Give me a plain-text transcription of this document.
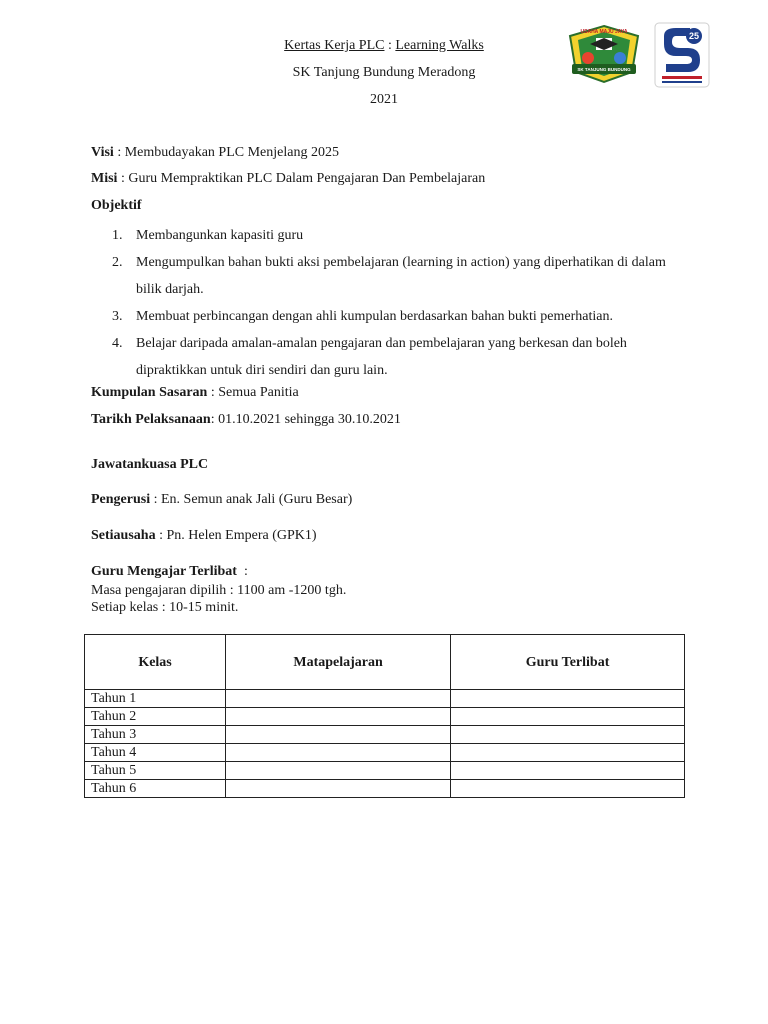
Kertas Kerja PLC : Learning Walks
SK Tanjung Bundung Meradong
2021
USAHA MAJU JAYA
SK TANJUNG BUNDUNG
25
Visi : Membudayakan PLC Menjelang 2025
Misi : Guru Mempraktikan PLC Dalam Pengajaran Dan Pembelajaran
Objektif
1. Membangunkan kapasiti guru
2. Mengumpulkan bahan bukti aksi pembelajaran (learning in action) yang diperhatikan di dalam bilik darjah.
3. Membuat perbincangan dengan ahli kumpulan berdasarkan bahan bukti pemerhatian.
4. Belajar daripada amalan-amalan pengajaran dan pembelajaran yang berkesan dan boleh dipraktikkan untuk diri sendiri dan guru lain.
Kumpulan Sasaran : Semua Panitia
Tarikh Pelaksanaan: 01.10.2021 sehingga 30.10.2021
Jawatankuasa PLC
Pengerusi : En. Semun anak Jali (Guru Besar)
Setiausaha : Pn. Helen Empera (GPK1)
Guru Mengajar Terlibat  :
Masa pengajaran dipilih : 1100 am -1200 tgh.
Setiap kelas : 10-15 minit.
Kelas	Matapelajaran	Guru Terlibat
Tahun 1		
Tahun 2		
Tahun 3		
Tahun 4		
Tahun 5		
Tahun 6		
